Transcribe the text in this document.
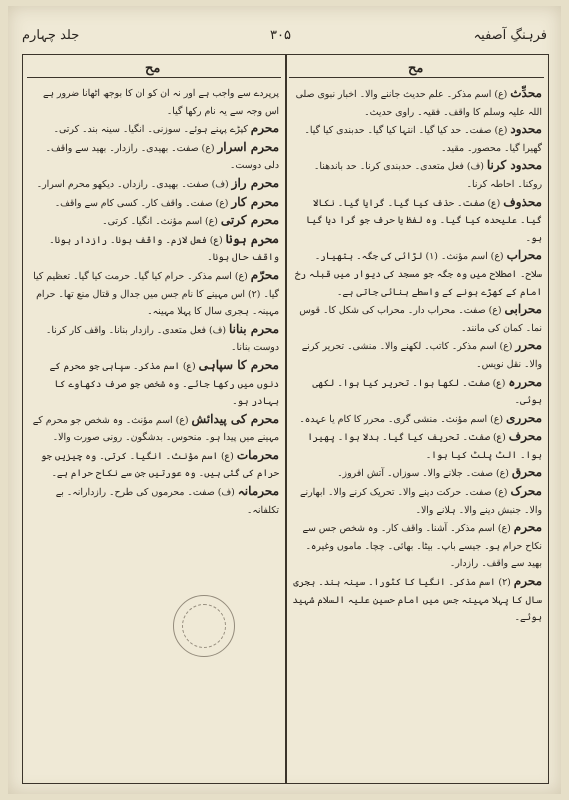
جلد چہارم	۳۰۵	فرہنگِ آصفیہ
مح	مح

محدِّث (ع) اسم مذکر۔ علم حدیث جاننے والا۔ اخبار نبوی صلی اللہ علیہ وسلم کا واقف۔ فقیہ۔ راوی حدیث۔

محدود (ع) صفت۔ حد کیا گیا۔ انتہا کیا گیا۔ حدبندی کیا گیا۔ گھیرا گیا۔ محصور۔ مقید۔

محدود کرنا (ف) فعل متعدی۔ حدبندی کرنا۔ حد باندھنا۔ روکنا۔ احاطہ کرنا۔

محذوف (ع) صفت۔ حذف کیا گیا۔ گرایا گیا۔ نکالا گیا۔ علیحدہ کیا گیا۔ وہ لفظ یا حرف جو گرا دیا گیا ہو۔

محراب (ع) اسم مؤنث۔ (۱) لڑائی کی جگہ۔ ہتھیار۔ سلاح۔ اصطلاح میں وہ جگہ جو مسجد کی دیوار میں قبلہ رخ امام کے کھڑے ہونے کے واسطے بنائی جاتی ہے۔

محرابی (ع) صفت۔ محراب دار۔ محراب کی شکل کا۔ قوس نما۔ کمان کی مانند۔

محرر (ع) اسم مذکر۔ کاتب۔ لکھنے والا۔ منشی۔ تحریر کرنے والا۔ نقل نویس۔

محررہ (ع) صفت۔ لکھا ہوا۔ تحریر کیا ہوا۔ لکھی ہوئی۔

محرری (ع) اسم مؤنث۔ منشی گری۔ محرر کا کام یا عہدہ۔

محرف (ع) صفت۔ تحریف کیا گیا۔ بدلا ہوا۔ پھیرا ہوا۔ الٹ پلٹ کیا ہوا۔

محرق (ع) صفت۔ جلانے والا۔ سوزاں۔ آتش افروز۔

محرک (ع) صفت۔ حرکت دینے والا۔ تحریک کرنے والا۔ ابھارنے والا۔ جنبش دینے والا۔ ہلانے والا۔

محرم (ع) اسم مذکر۔ آشنا۔ واقف کار۔ وہ شخص جس سے نکاح حرام ہو۔ جیسے باپ۔ بیٹا۔ بھائی۔ چچا۔ ماموں وغیرہ۔ بھید سے واقف۔ رازدار۔

محرم (۲) اسم مذکر۔ انگیا کا کٹورا۔ سینہ بند۔ ہجری سال کا پہلا مہینہ جس میں امام حسین علیہ السلام شہید ہوئے۔

پرپردے سے واجب ہے اور نہ ان کو ان کا بوجھ اٹھانا ضرور ہے اس وجہ سے یہ نام رکھا گیا۔

محرم کپڑے پہنے ہوئے۔ سوزنی۔ انگیا۔ سینہ بند۔ کرتی۔

محرم اسرار (ع) صفت۔ بھیدی۔ رازدار۔ بھید سے واقف۔ دلی دوست۔

محرم راز (ف) صفت۔ بھیدی۔ رازداں۔ دیکھو محرم اسرار۔

محرم کار (ع) صفت۔ واقف کار۔ کسی کام سے واقف۔

محرم کرتی (ع) اسم مؤنث۔ انگیا۔ کرتی۔

محرم ہونا (ع) فعل لازم۔ واقف ہونا۔ رازدار ہونا۔ واقف حال ہونا۔

محرّم (ع) اسم مذکر۔ حرام کیا گیا۔ حرمت کیا گیا۔ تعظیم کیا گیا۔ (۲) اس مہینے کا نام جس میں جدال و قتال منع تھا۔ حرام مہینہ۔ ہجری سال کا پہلا مہینہ۔

محرم بنانا (ف) فعل متعدی۔ رازدار بنانا۔ واقف کار کرنا۔ دوست بنانا۔

محرم کا سپاہی (ع) اسم مذکر۔ سپاہی جو محرم کے دنوں میں رکھا جائے۔ وہ شخص جو صرف دکھاوے کا بہادر ہو۔

محرم کی پیدائش (ع) اسم مؤنث۔ وہ شخص جو محرم کے مہینے میں پیدا ہو۔ منحوس۔ بدشگون۔ رونی صورت والا۔

محرمات (ع) اسم مؤنث۔ انگیا۔ کرتی۔ وہ چیزیں جو حرام کی گئی ہیں۔ وہ عورتیں جن سے نکاح حرام ہے۔

محرمانہ (ف) صفت۔ محرموں کی طرح۔ رازدارانہ۔ بے تکلفانہ۔
